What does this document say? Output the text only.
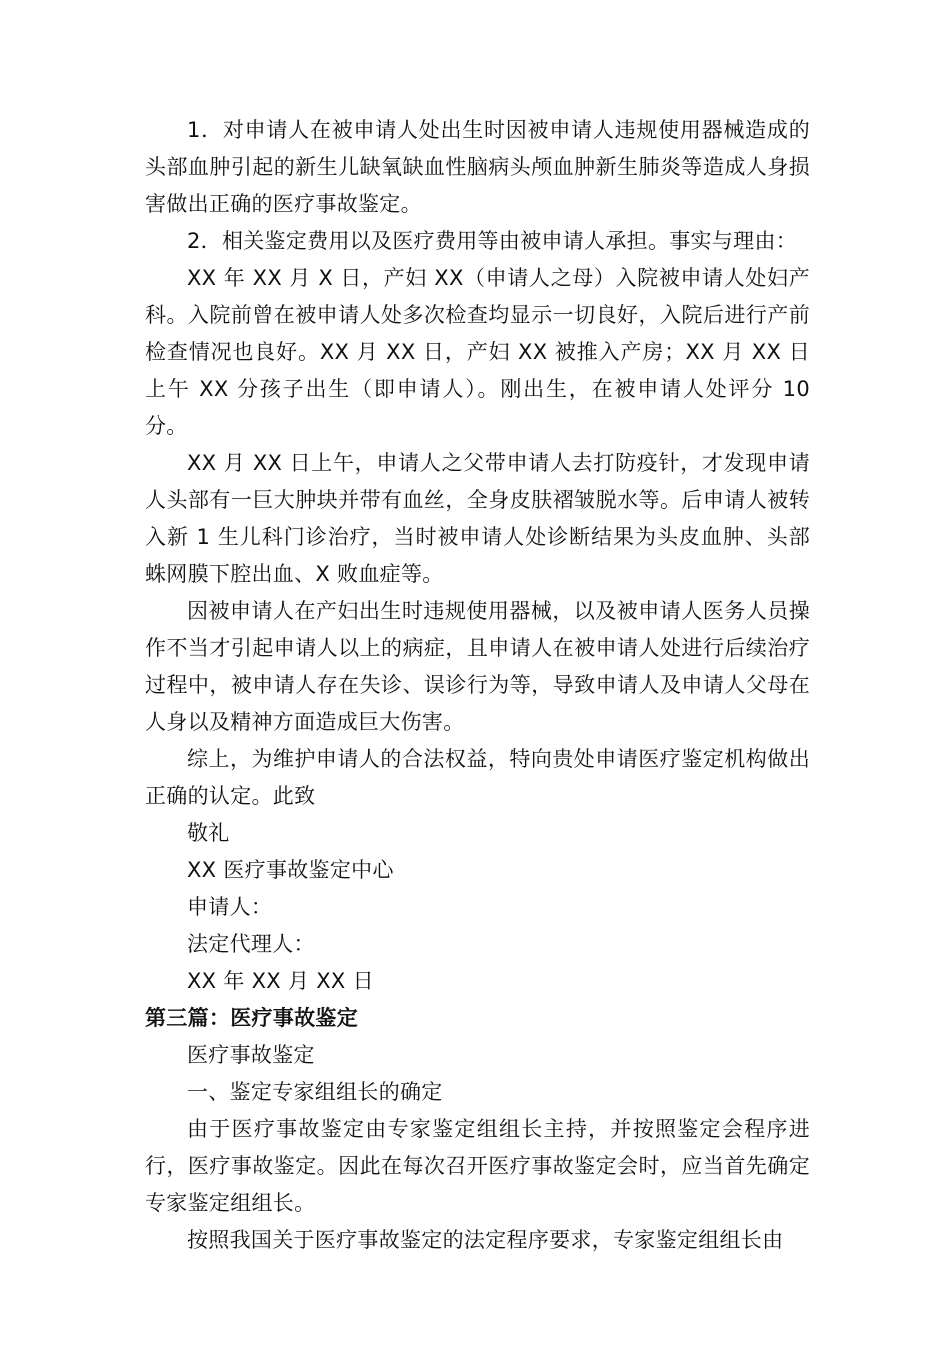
1．对申请人在被申请人处出生时因被申请人违规使用器械造成的头部血肿引起的新生儿缺氧缺血性脑病头颅血肿新生肺炎等造成人身损害做出正确的医疗事故鉴定。

2．相关鉴定费用以及医疗费用等由被申请人承担。事实与理由：

XX 年 XX 月 X 日，产妇 XX（申请人之母）入院被申请人处妇产科。入院前曾在被申请人处多次检查均显示一切良好，入院后进行产前检查情况也良好。XX 月 XX 日，产妇 XX 被推入产房；XX 月 XX 日上午 XX 分孩子出生（即申请人）。刚出生，在被申请人处评分 10 分。

XX 月 XX 日上午，申请人之父带申请人去打防疫针，才发现申请人头部有一巨大肿块并带有血丝，全身皮肤褶皱脱水等。后申请人被转入新 1 生儿科门诊治疗，当时被申请人处诊断结果为头皮血肿、头部蛛网膜下腔出血、X 败血症等。

因被申请人在产妇出生时违规使用器械，以及被申请人医务人员操作不当才引起申请人以上的病症，且申请人在被申请人处进行后续治疗过程中，被申请人存在失诊、误诊行为等，导致申请人及申请人父母在人身以及精神方面造成巨大伤害。

综上，为维护申请人的合法权益，特向贵处申请医疗鉴定机构做出正确的认定。此致

敬礼

XX 医疗事故鉴定中心

申请人：

法定代理人：

XX 年 XX 月 XX 日

第三篇：医疗事故鉴定

医疗事故鉴定

一、鉴定专家组组长的确定

由于医疗事故鉴定由专家鉴定组组长主持，并按照鉴定会程序进行，医疗事故鉴定。因此在每次召开医疗事故鉴定会时，应当首先确定专家鉴定组组长。

按照我国关于医疗事故鉴定的法定程序要求，专家鉴定组组长由
